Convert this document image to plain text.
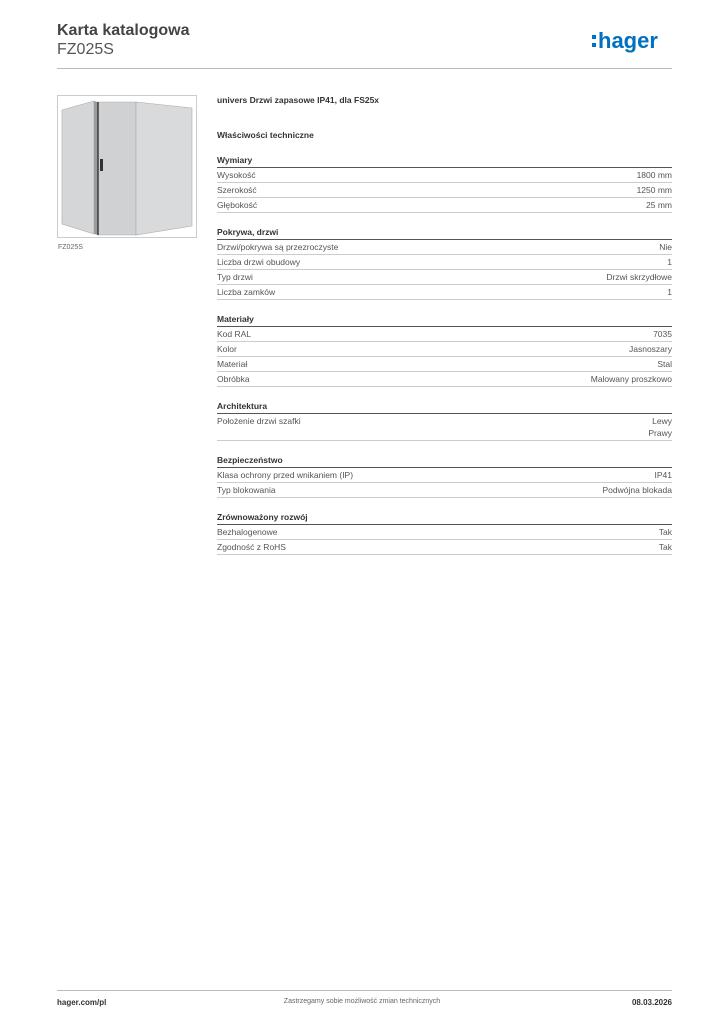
Karta katalogowa
FZ025S	hager
FZ025S
univers Drzwi zapasowe IP41, dla FS25x
Właściwości techniczne
Wymiary
Wysokość	1800 mm
Szerokość	1250 mm
Głębokość	25 mm
Pokrywa, drzwi
Drzwi/pokrywa są przezroczyste	Nie
Liczba drzwi obudowy	1
Typ drzwi	Drzwi skrzydłowe
Liczba zamków	1
Materiały
Kod RAL	7035
Kolor	Jasnoszary
Materiał	Stal
Obróbka	Malowany proszkowo
Architektura
Położenie drzwi szafki	Lewy
Prawy
Bezpieczeństwo
Klasa ochrony przed wnikaniem (IP)	IP41
Typ blokowania	Podwójna blokada
Zrównoważony rozwój
Bezhalogenowe	Tak
Zgodność z RoHS	Tak
hager.com/pl	Zastrzegamy sobie możliwość zmian technicznych	08.03.2026
